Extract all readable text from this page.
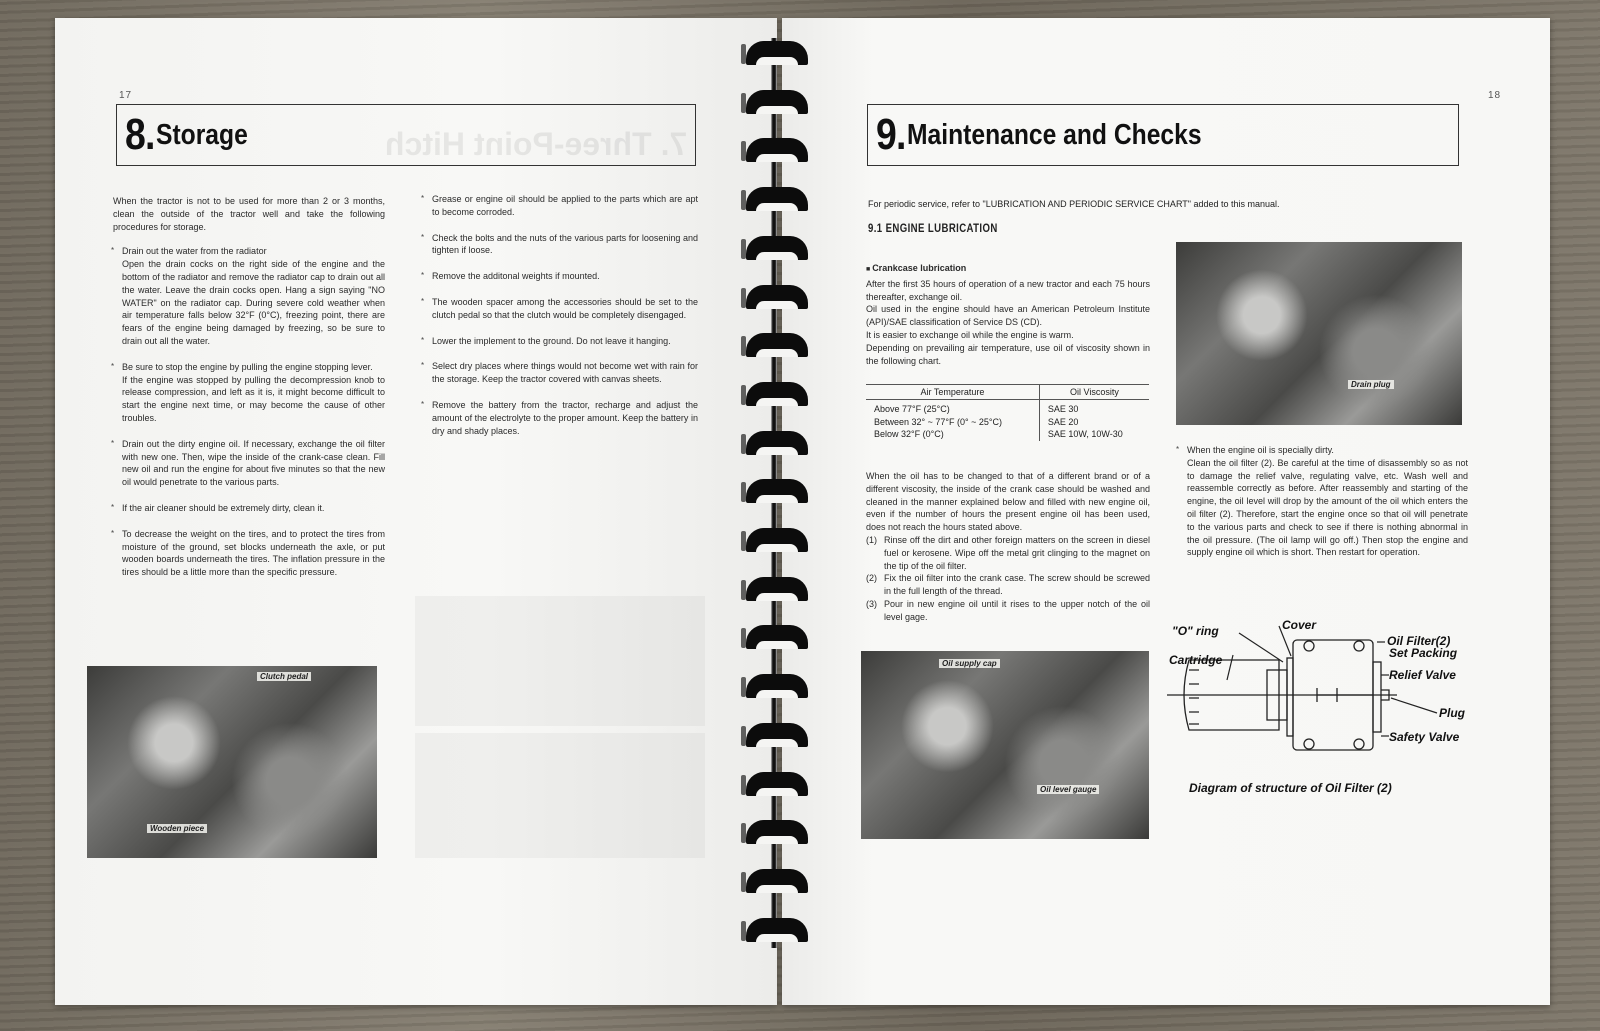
17
7. Three-Point Hitch
8. Storage

When the tractor is not to be used for more than 2 or 3 months, clean the outside of the tractor well and take the following procedures for storage.

* Drain out the water from the radiator
Open the drain cocks on the right side of the engine and the bottom of the radiator and remove the radiator cap to drain out all the water. Leave the drain cocks open. Hang a sign saying "NO WATER" on the radiator cap. During severe cold weather when air temperature falls below 32°F (0°C), freezing point, there are fears of the engine being damaged by freezing, so be sure to drain out all the water.
* Be sure to stop the engine by pulling the engine stopping lever.
If the engine was stopped by pulling the decompression knob to release compression, and left as it is, it might become difficult to start the engine next time, or may become the cause of other troubles.
* Drain out the dirty engine oil. If necessary, exchange the oil filter with new one. Then, wipe the inside of the crank-case clean. Fill new oil and run the engine for about five minutes so that the new oil would penetrate to the various parts.
* If the air cleaner should be extremely dirty, clean it.
* To decrease the weight on the tires, and to protect the tires from moisture of the ground, set blocks underneath the axle, or put wooden boards underneath the tires. The inflation pressure in the tires should be a little more than the specific pressure.
* Grease or engine oil should be applied to the parts which are apt to become corroded.
* Check the bolts and the nuts of the various parts for loosening and tighten if loose.
* Remove the additonal weights if mounted.
* The wooden spacer among the accessories should be set to the clutch pedal so that the clutch would be completely disengaged.
* Lower the implement to the ground. Do not leave it hanging.
* Select dry places where things would not become wet with rain for the storage. Keep the tractor covered with canvas sheets.
* Remove the battery from the tractor, recharge and adjust the amount of the electrolyte to the proper amount. Keep the battery in dry and shady places.
Clutch pedal
Wooden piece
18
9. Maintenance and Checks
For periodic service, refer to "LUBRICATION AND PERIODIC SERVICE CHART" added to this manual.
9.1 ENGINE LUBRICATION
■ Crankcase lubrication
After the first 35 hours of operation of a new tractor and each 75 hours thereafter, exchange oil.
Oil used in the engine should have an American Petroleum Institute (API)/SAE classification of Service DS (CD).
It is easier to exchange oil while the engine is warm.
Depending on prevailing air temperature, use oil of viscosity shown in the following chart.
Air Temperature	Oil Viscosity
Above 77°F (25°C)	SAE 30
Between 32° ~ 77°F (0° ~ 25°C)	SAE 20
Below 32°F (0°C)	SAE 10W, 10W-30
When the oil has to be changed to that of a different brand or of a different viscosity, the inside of the crank case should be washed and cleaned in the manner explained below and filled with new engine oil, even if the number of hours the present engine oil has been used, does not reach the hours stated above.
(1) Rinse off the dirt and other foreign matters on the screen in diesel fuel or kerosene. Wipe off the metal grit clinging to the magnet on the tip of the oil filter.
(2) Fix the oil filter into the crank case. The screw should be screwed in the full length of the thread.
(3) Pour in new engine oil until it rises to the upper notch of the oil level gage.
Oil supply cap
Oil level gauge
Drain plug
* When the engine oil is specially dirty.
Clean the oil filter (2). Be careful at the time of disassembly so as not to damage the relief valve, regulating valve, etc. Wash well and reassemble correctly as before. After reassembly and starting of the engine, the oil level will drop by the amount of the oil which enters the oil filter (2). Therefore, start the engine once so that oil will penetrate to the various parts and check to see if there is nothing abnormal in the oil pressure. (The oil lamp will go off.) Then stop the engine and supply engine oil which is short. Then restart for operation.
"O" ring	Cover
Cartridge
Oil Filter(2)
Set Packing
Relief Valve
Plug
Safety Valve
Diagram of structure of Oil Filter (2)
